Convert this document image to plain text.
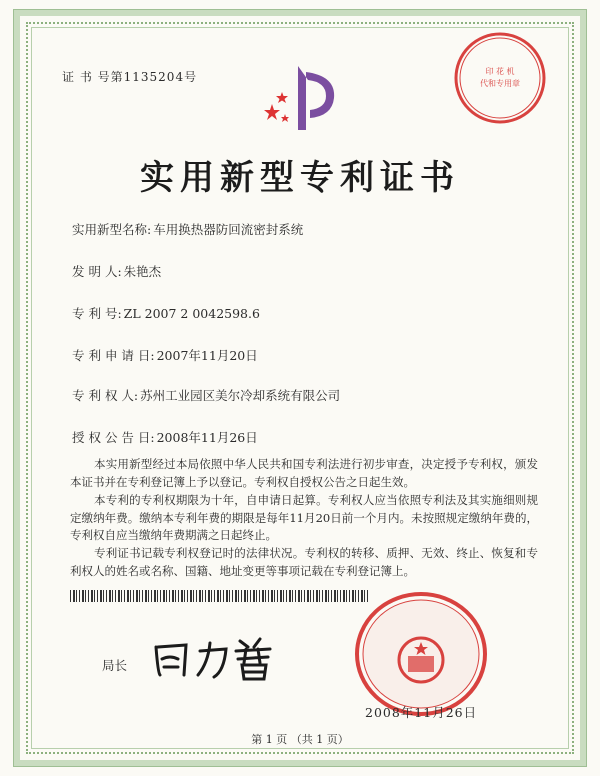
证 书 号第1135204号	印 花 机
代和专用章
实用新型专利证书
实用新型名称: 车用换热器防回流密封系统
发 明 人: 朱艳杰
专 利 号: ZL 2007 2 0042598.6
专 利 申 请 日: 2007年11月20日
专 利 权 人: 苏州工业园区美尔冷却系统有限公司
授 权 公 告 日: 2008年11月26日
本实用新型经过本局依照中华人民共和国专利法进行初步审查，决定授予专利权，颁发本证书并在专利登记簿上予以登记。专利权自授权公告之日起生效。
本专利的专利权期限为十年，自申请日起算。专利权人应当依照专利法及其实施细则规定缴纳年费。缴纳本专利年费的期限是每年11月20日前一个月内。未按照规定缴纳年费的，专利权自应当缴纳年费期满之日起终止。
专利证书记载专利权登记时的法律状况。专利权的转移、质押、无效、终止、恢复和专利权人的姓名或名称、国籍、地址变更等事项记载在专利登记簿上。
局长
2008年11月26日
第 1 页 （共 1 页）
